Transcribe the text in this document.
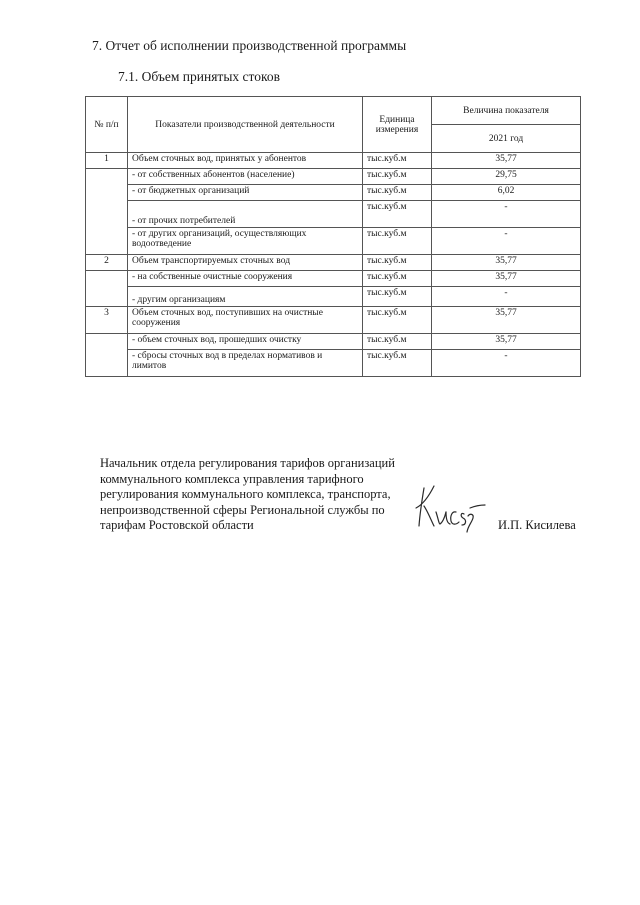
7. Отчет об исполнении производственной программы
7.1. Объем принятых стоков
№ п/п	Показатели производственной деятельности	Единица измерения	Величина показателя
			2021 год
1	Объем сточных вод, принятых у абонентов	тыс.куб.м	35,77
	- от собственных абонентов (население)	тыс.куб.м	29,75
	- от бюджетных организаций	тыс.куб.м	6,02
	- от прочих потребителей	тыс.куб.м	-
	- от других организаций, осуществляющих водоотведение	тыс.куб.м	-
2	Объем транспортируемых сточных вод	тыс.куб.м	35,77
	- на собственные очистные сооружения	тыс.куб.м	35,77
	- другим организациям	тыс.куб.м	-
3	Объем сточных вод, поступивших на очистные сооружения	тыс.куб.м	35,77
	- объем сточных вод, прошедших очистку	тыс.куб.м	35,77
	- сбросы сточных вод в пределах нормативов и лимитов	тыс.куб.м	-
Начальник отдела регулирования тарифов организаций
коммунального комплекса управления тарифного
регулирования коммунального комплекса, транспорта,
непроизводственной сферы Региональной службы по
тарифам Ростовской области	И.П. Кисилева
